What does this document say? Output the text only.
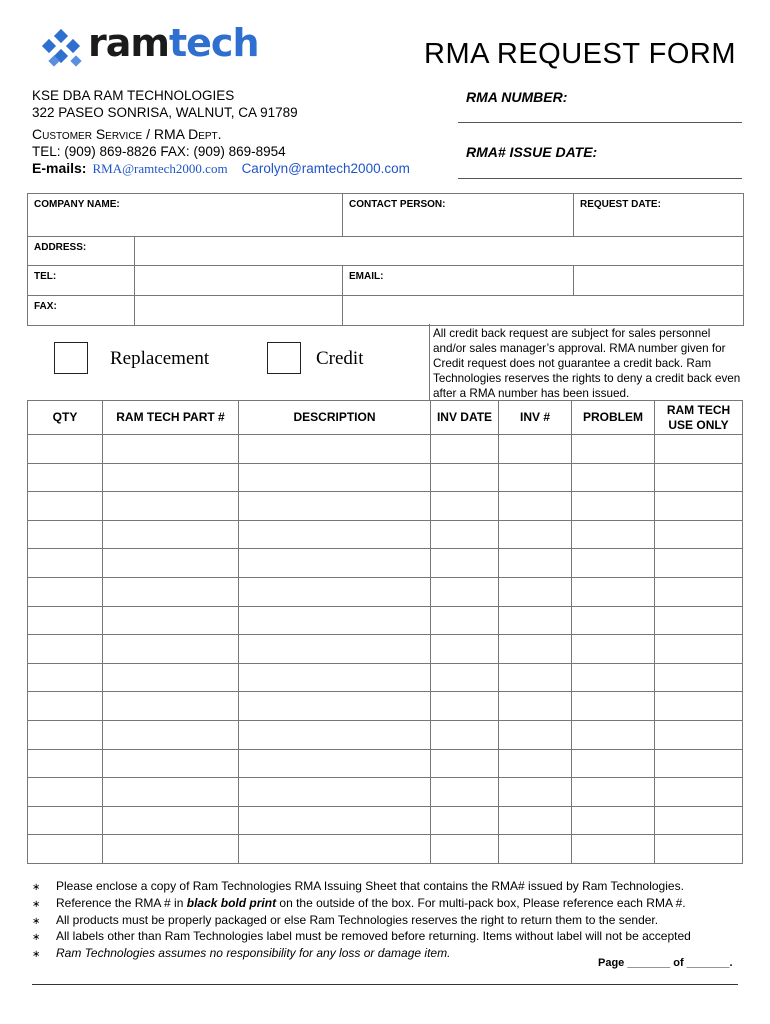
ramtech	RMA REQUEST FORM
KSE DBA RAM TECHNOLOGIES
322 PASEO SONRISA, WALNUT, CA 91789
Customer Service / RMA Dept.
TEL: (909) 869-8826 FAX: (909) 869-8954
E-mails: RMA@ramtech2000.com Carolyn@ramtech2000.com
RMA NUMBER:
RMA# ISSUE DATE:
COMPANY NAME:		CONTACT PERSON:	REQUEST DATE:

ADDRESS:			

TEL:		EMAIL:	

FAX:			

Replacement	Credit
All credit back request are subject for sales personnel and/or sales manager’s approval. RMA number given for Credit request does not guarantee a credit back. Ram Technologies reserves the rights to deny a credit back even after a RMA number has been issued.
QTY	RAM TECH PART #	DESCRIPTION	INV DATE	INV #	PROBLEM	RAM TECH USE ONLY

∗ Please enclose a copy of Ram Technologies RMA Issuing Sheet that contains the RMA# issued by Ram Technologies.
∗ Reference the RMA # in black bold print on the outside of the box. For multi-pack box, Please reference each RMA #.
∗ All products must be properly packaged or else Ram Technologies reserves the right to return them to the sender.
∗ All labels other than Ram Technologies label must be removed before returning. Items without label will not be accepted
∗ Ram Technologies assumes no responsibility for any loss or damage item.
Page _______ of _______.
